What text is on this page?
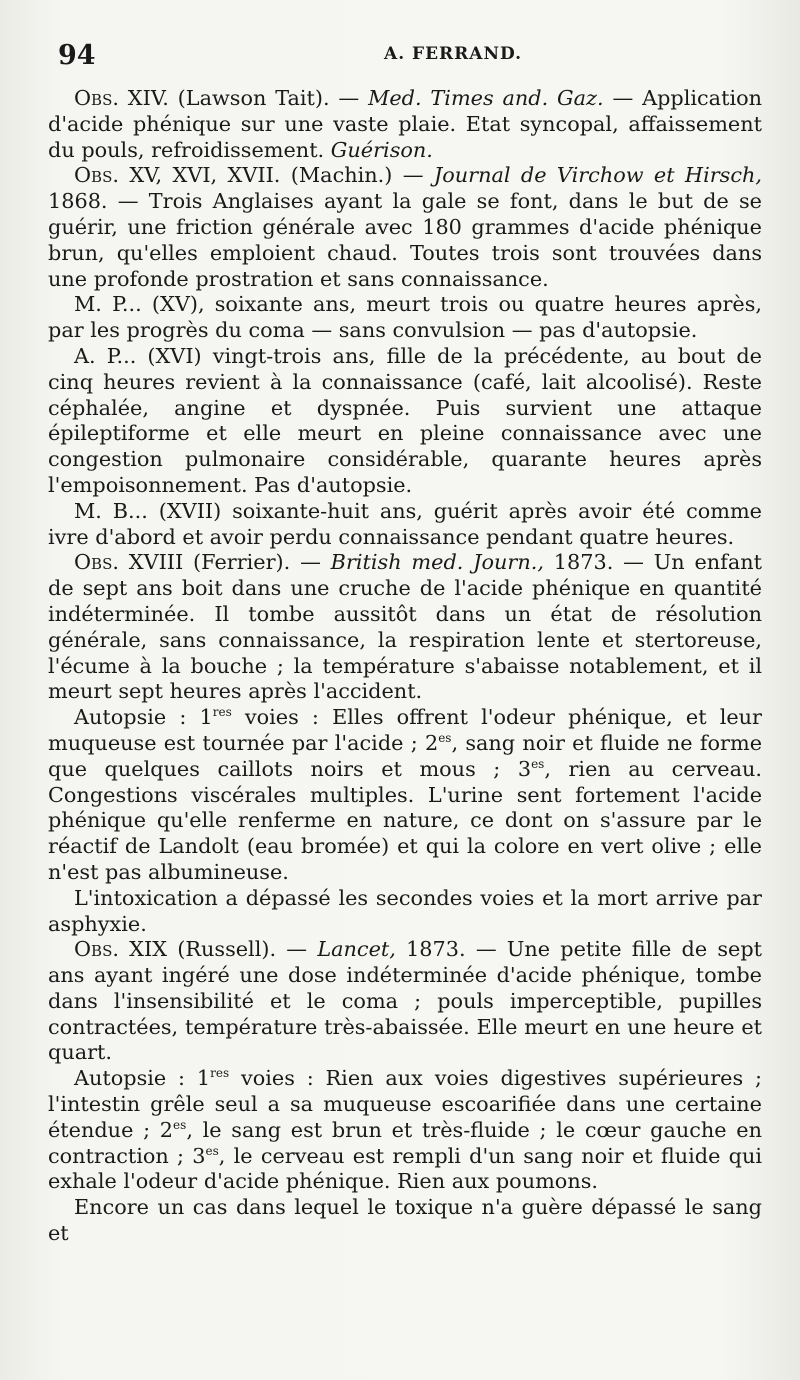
94	A. FERRAND.

Obs. XIV. (Lawson Tait). — Med. Times and. Gaz. — Application d'acide phénique sur une vaste plaie. Etat syncopal, affaissement du pouls, refroidissement. Guérison.

Obs. XV, XVI, XVII. (Machin.) — Journal de Virchow et Hirsch, 1868. — Trois Anglaises ayant la gale se font, dans le but de se guérir, une friction générale avec 180 grammes d'acide phénique brun, qu'elles emploient chaud. Toutes trois sont trouvées dans une profonde prostration et sans connaissance.

M. P... (XV), soixante ans, meurt trois ou quatre heures après, par les progrès du coma — sans convulsion — pas d'autopsie.

A. P... (XVI) vingt-trois ans, fille de la précédente, au bout de cinq heures revient à la connaissance (café, lait alcoolisé). Reste céphalée, angine et dyspnée. Puis survient une attaque épileptiforme et elle meurt en pleine connaissance avec une congestion pulmonaire considérable, quarante heures après l'empoisonnement. Pas d'autopsie.

M. B... (XVII) soixante-huit ans, guérit après avoir été comme ivre d'abord et avoir perdu connaissance pendant quatre heures.

Obs. XVIII (Ferrier). — British med. Journ., 1873. — Un enfant de sept ans boit dans une cruche de l'acide phénique en quantité indéterminée. Il tombe aussitôt dans un état de résolution générale, sans connaissance, la respiration lente et stertoreuse, l'écume à la bouche ; la température s'abaisse notablement, et il meurt sept heures après l'accident.

Autopsie : 1res voies : Elles offrent l'odeur phénique, et leur muqueuse est tournée par l'acide ; $2^{es}$, sang noir et fluide ne forme que quelques caillots noirs et mous ; $3^{es}$, rien au cerveau. Congestions viscérales multiples. L'urine sent fortement l'acide phénique qu'elle renferme en nature, ce dont on s'assure par le réactif de Landolt (eau bromée) et qui la colore en vert olive ; elle n'est pas albumineuse.

L'intoxication a dépassé les secondes voies et la mort arrive par asphyxie.

Obs. XIX (Russell). — Lancet, 1873. — Une petite fille de sept ans ayant ingéré une dose indéterminée d'acide phénique, tombe dans l'insensibilité et le coma ; pouls imperceptible, pupilles contractées, température très-abaissée. Elle meurt en une heure et quart.

Autopsie : 1res voies : Rien aux voies digestives supérieures ; l'intestin grêle seul a sa muqueuse escoarifiée dans une certaine étendue ; $2^{es}$, le sang est brun et très-fluide ; le cœur gauche en contraction ; $3^{es}$, le cerveau est rempli d'un sang noir et fluide qui exhale l'odeur d'acide phénique. Rien aux poumons.

Encore un cas dans lequel le toxique n'a guère dépassé le sang et
